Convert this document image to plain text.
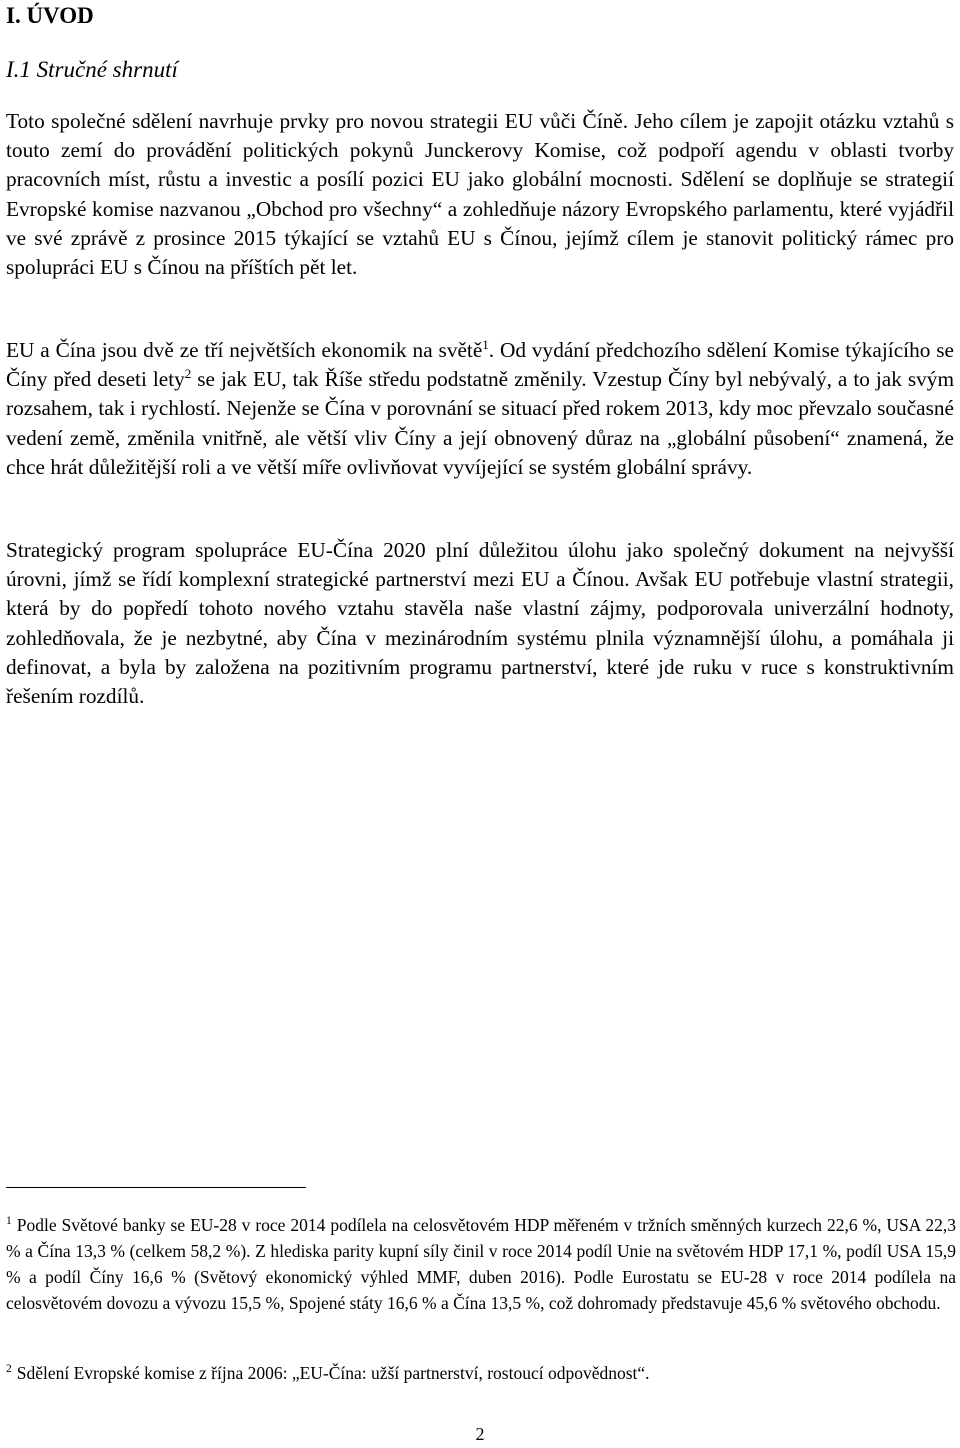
I. ÚVOD
I.1 Stručné shrnutí

Toto společné sdělení navrhuje prvky pro novou strategii EU vůči Číně. Jeho cílem je zapojit otázku vztahů s touto zemí do provádění politických pokynů Junckerovy Komise, což podpoří agendu v oblasti tvorby pracovních míst, růstu a investic a posílí pozici EU jako globální mocnosti. Sdělení se doplňuje se strategií Evropské komise nazvanou „Obchod pro všechny“ a zohledňuje názory Evropského parlamentu, které vyjádřil ve své zprávě z prosince 2015 týkající se vztahů EU s Čínou, jejímž cílem je stanovit politický rámec pro spolupráci EU s Čínou na příštích pět let.

EU a Čína jsou dvě ze tří největších ekonomik na světě$^1$. Od vydání předchozího sdělení Komise týkajícího se Číny před deseti lety$^2$ se jak EU, tak Říše středu podstatně změnily. Vzestup Číny byl nebývalý, a to jak svým rozsahem, tak i rychlostí. Nejenže se Čína v porovnání se situací před rokem 2013, kdy moc převzalo současné vedení země, změnila vnitřně, ale větší vliv Číny a její obnovený důraz na „globální působení“ znamená, že chce hrát důležitější roli a ve větší míře ovlivňovat vyvíjející se systém globální správy.

Strategický program spolupráce EU-Čína 2020 plní důležitou úlohu jako společný dokument na nejvyšší úrovni, jímž se řídí komplexní strategické partnerství mezi EU a Čínou. Avšak EU potřebuje vlastní strategii, která by do popředí tohoto nového vztahu stavěla naše vlastní zájmy, podporovala univerzální hodnoty, zohledňovala, že je nezbytné, aby Čína v mezinárodním systému plnila významnější úlohu, a pomáhala ji definovat, a byla by založena na pozitivním programu partnerství, které jde ruku v ruce s konstruktivním řešením rozdílů.

$^1$ Podle Světové banky se EU-28 v roce 2014 podílela na celosvětovém HDP měřeném v tržních směnných kurzech 22,6 %, USA 22,3 % a Čína 13,3 % (celkem 58,2 %). Z hlediska parity kupní síly činil v roce 2014 podíl Unie na světovém HDP 17,1 %, podíl USA 15,9 % a podíl Číny 16,6 % (Světový ekonomický výhled MMF, duben 2016). Podle Eurostatu se EU-28 v roce 2014 podílela na celosvětovém dovozu a vývozu 15,5 %, Spojené státy 16,6 % a Čína 13,5 %, což dohromady představuje 45,6 % světového obchodu.

$^2$ Sdělení Evropské komise z října 2006: „EU-Čína: užší partnerství, rostoucí odpovědnost“.

2
